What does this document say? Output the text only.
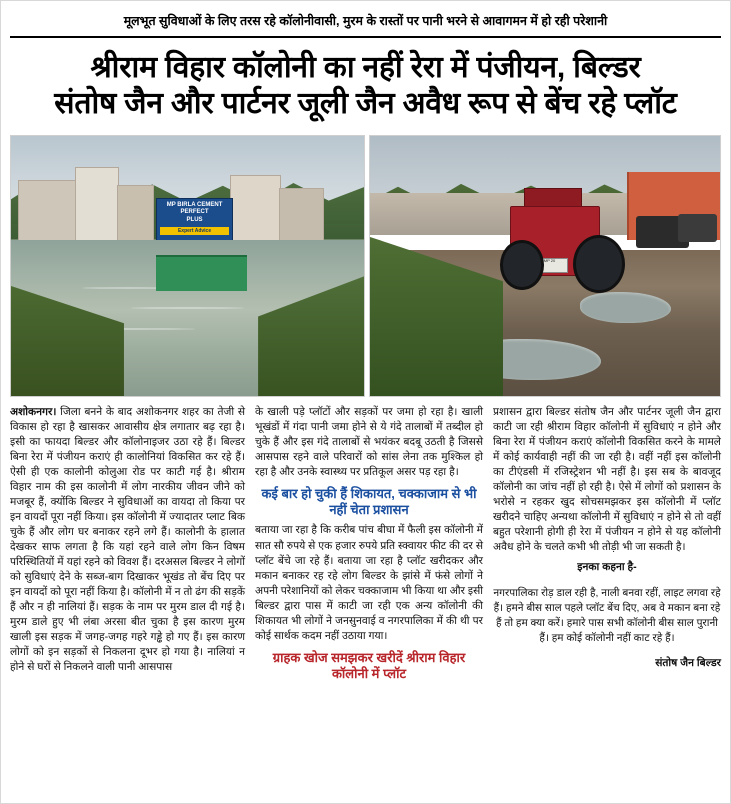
मूलभूत सुविधाओं के लिए तरस रहे कॉलोनीवासी, मुरम के रास्तों पर पानी भरने से आवागमन में हो रही परेशानी
श्रीराम विहार कॉलोनी का नहीं रेरा में पंजीयन, बिल्डर
संतोष जैन और पार्टनर जूली जैन अवैध रूप से बेंच रहे प्लॉट
MP BIRLA CEMENT
PERFECT
PLUS
Expert Advice
MP 20

अशोकनगर। जिला बनने के बाद अशोकनगर शहर का तेजी से विकास हो रहा है खासकर आवासीय क्षेत्र लगातार बढ़ रहा है। इसी का फायदा बिल्डर और कॉलोनाइजर उठा रहे हैं। बिल्डर बिना रेरा में पंजीयन कराएं ही कालोनियां विकसित कर रहे हैं। ऐसी ही एक कालोनी कोलुआ रोड पर काटी गई है। श्रीराम विहार नाम की इस कालोनी में लोग नारकीय जीवन जीने को मजबूर हैं, क्योंकि बिल्डर ने सुविधाओं का वायदा तो किया पर इन वायदों पूरा नहीं किया। इस कॉलोनी में ज्यादातर प्लाट बिक चुके हैं और लोग घर बनाकर रहने लगे हैं। कालोनी के हालात देखकर साफ लगता है कि यहां रहने वाले लोग किन विषम परिस्थितियों में यहां रहने को विवश हैं। दरअसल बिल्डर ने लोगों को सुविधाएं देने के सब्ज-बाग दिखाकर भूखंड तो बेंच दिए पर इन वायदों को पूरा नहीं किया है। कॉलोनी में न तो ढंग की सड़कें हैं और न ही नालियां हैं। सड़क के नाम पर मुरम डाल दी गई है। मुरम डाले हुए भी लंबा अरसा बीत चुका है इस कारण मुरम खाली इस सड़क में जगह-जगह गहरे गड्ढे हो गए हैं। इस कारण लोगों को इन सड़कों से निकलना दूभर हो गया है। नालियां न होने से घरों से निकलने वाली पानी आसपास

के खाली पड़े प्लॉटों और सड़कों पर जमा हो रहा है। खाली भूखंडों में गंदा पानी जमा होने से ये गंदे तालाबों में तब्दील हो चुके हैं और इस गंदे तालाबों से भयंकर बदबू उठती है जिससे आसपास रहने वाले परिवारों को सांस लेना तक मुश्किल हो रहा है और उनके स्वास्थ्य पर प्रतिकूल असर पड़ रहा है।

कई बार हो चुकी हैं शिकायत, चक्काजाम से भी नहीं चेता प्रशासन

बताया जा रहा है कि करीब पांच बीघा में फैली इस कॉलोनी में सात सौ रुपये से एक हजार रुपये प्रति स्क्वायर फीट की दर से प्लॉट बेंचे जा रहे हैं। बताया जा रहा है प्लॉट खरीदकर और मकान बनाकर रह रहे लोग बिल्डर के झांसे में फंसे लोगों ने अपनी परेशानियों को लेकर चक्काजाम भी किया था और इसी बिल्डर द्वारा पास में काटी जा रही एक अन्य कॉलोनी की शिकायत भी लोगों ने जनसुनवाई व नगरपालिका में की थी पर कोई सार्थक कदम नहीं उठाया गया।

ग्राहक खोज समझकर खरीदें श्रीराम विहार कॉलोनी में प्लॉट

प्रशासन द्वारा बिल्डर संतोष जैन और पार्टनर जूली जैन द्वारा काटी जा रही श्रीराम विहार कॉलोनी में सुविधाएं न होने और बिना रेरा में पंजीयन कराएं कॉलोनी विकसित करने के मामले में कोई कार्यवाही नहीं की जा रही है। वहीं नहीं इस कॉलोनी का टीएंडसी में रजिस्ट्रेशन भी नहीं है। इस सब के बावजूद कॉलोनी का जांच नहीं हो रही है। ऐसे में लोगों को प्रशासन के भरोसे न रहकर खुद सोचसमझकर इस कॉलोनी में प्लॉट खरीदने चाहिए अन्यथा कॉलोनी में सुविधाएं न होने से तो वहीं बहुत परेशानी होगी ही रेरा में पंजीयन न होने से यह कॉलोनी अवैध होने के चलते कभी भी तोड़ी भी जा सकती है।

इनका कहना है-

नगरपालिका रोड़ डाल रही है, नाली बनवा रहीं, लाइट लगवा रहे हैं। हमने बीस साल पहले प्लॉट बेंच दिए, अब वे मकान बना रहे हैं तो हम क्या करें। हमारे पास सभी कॉलोनी बीस साल पुरानी हैं। हम कोई कॉलोनी नहीं काट रहे हैं।

संतोष जैन बिल्डर
